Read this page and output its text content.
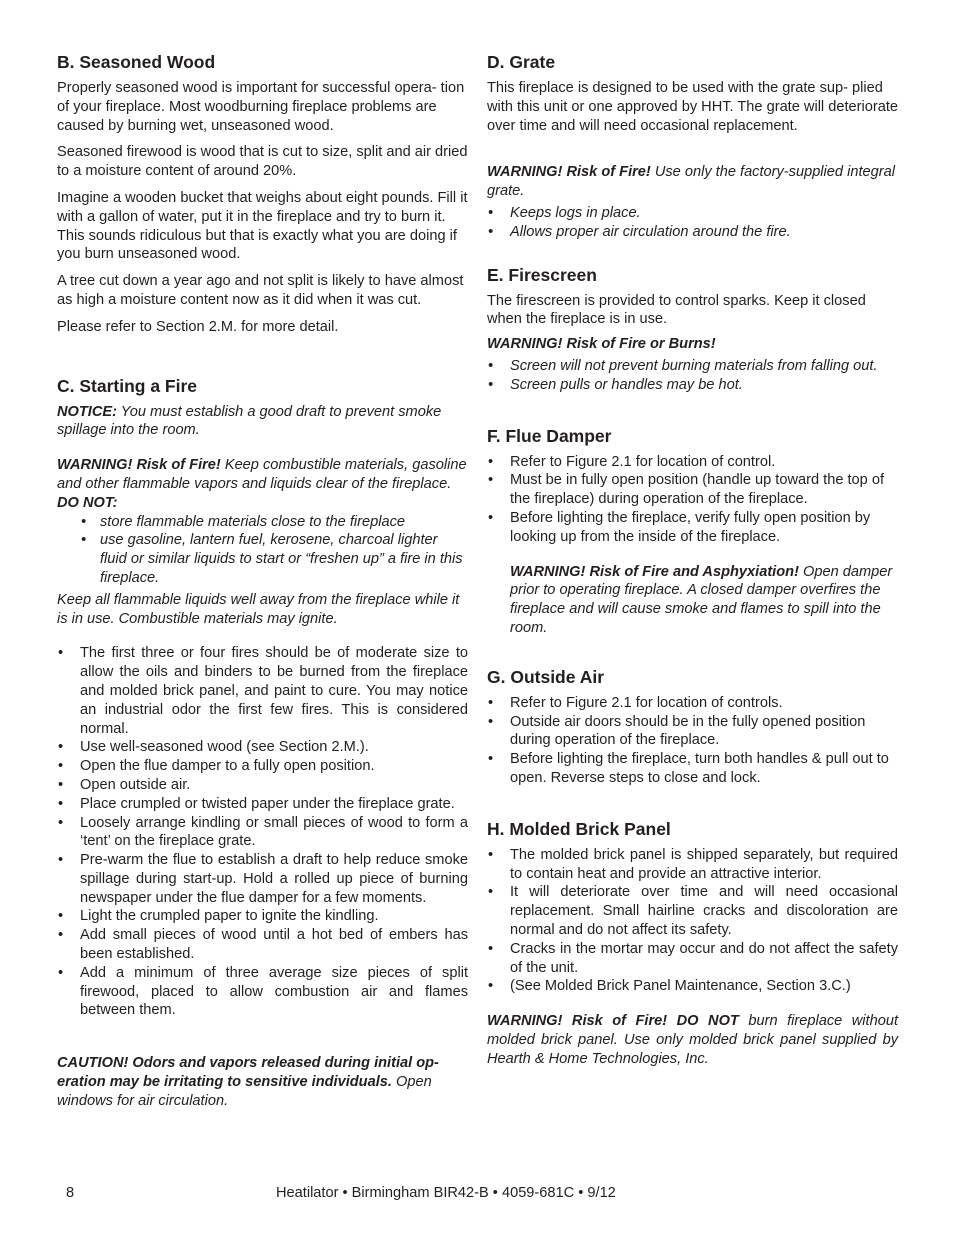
B. Seasoned Wood

Properly seasoned wood is important for successful opera- tion of your fireplace. Most woodburning fireplace problems are caused by burning wet, unseasoned wood.

Seasoned firewood is wood that is cut to size, split and air dried to a moisture content of around 20%.

Imagine a wooden bucket that weighs about eight pounds. Fill it with a gallon of water, put it in the fireplace and try to burn it. This sounds ridiculous but that is exactly what you are doing if you burn unseasoned wood.

A tree cut down a year ago and not split is likely to have almost as high a moisture content now as it did when it was cut.

Please refer to Section 2.M. for more detail.

C. Starting a Fire

NOTICE: You must establish a good draft to prevent smoke spillage into the room.

WARNING! Risk of Fire! Keep combustible materials, gasoline and other flammable vapors and liquids clear of the fireplace.

DO NOT:

• store flammable materials close to the fireplace
• use gasoline, lantern fuel, kerosene, charcoal lighter fluid or similar liquids to start or “freshen up” a fire in this fireplace.

Keep all flammable liquids well away from the fireplace while it is in use. Combustible materials may ignite.

• The first three or four fires should be of moderate size to allow the oils and binders to be burned from the fireplace and molded brick panel, and paint to cure. You may notice an industrial odor the first few fires. This is considered normal.
• Use well-seasoned wood (see Section 2.M.).
• Open the flue damper to a fully open position.
• Open outside air.
• Place crumpled or twisted paper under the fireplace grate.
• Loosely arrange kindling or small pieces of wood to form a ‘tent’ on the fireplace grate.
• Pre-warm the flue to establish a draft to help reduce smoke spillage during start-up. Hold a rolled up piece of burning newspaper under the flue damper for a few moments.
• Light the crumpled paper to ignite the kindling.
• Add small pieces of wood until a hot bed of embers has been established.
• Add a minimum of three average size pieces of split firewood, placed to allow combustion air and flames between them.

CAUTION! Odors and vapors released during initial op- eration may be irritating to sensitive individuals. Open windows for air circulation.

D. Grate

This fireplace is designed to be used with the grate sup- plied with this unit or one approved by HHT. The grate will deteriorate over time and will need occasional replacement.

WARNING! Risk of Fire! Use only the factory-supplied integral grate.

• Keeps logs in place.
• Allows proper air circulation around the fire.
E. Firescreen

The firescreen is provided to control sparks. Keep it closed when the fireplace is in use.

WARNING! Risk of Fire or Burns!

• Screen will not prevent burning materials from falling out.
• Screen pulls or handles may be hot.
F. Flue Damper
• Refer to Figure 2.1 for location of control.
• Must be in fully open position (handle up toward the top of the fireplace) during operation of the fireplace.
• Before lighting the fireplace, verify fully open position by looking up from the inside of the fireplace.

WARNING! Risk of Fire and Asphyxiation! Open damper prior to operating fireplace. A closed damper overfires the fireplace and will cause smoke and flames to spill into the room.

G. Outside Air
• Refer to Figure 2.1 for location of controls.
• Outside air doors should be in the fully opened position during operation of the fireplace.
• Before lighting the fireplace, turn both handles & pull out to open. Reverse steps to close and lock.
H. Molded Brick Panel
• The molded brick panel is shipped separately, but required to contain heat and provide an attractive interior.
• It will deteriorate over time and will need occasional replacement. Small hairline cracks and discoloration are normal and do not affect its safety.
• Cracks in the mortar may occur and do not affect the safety of the unit.
• (See Molded Brick Panel Maintenance, Section 3.C.)

WARNING! Risk of Fire! DO NOT burn fireplace without molded brick panel. Use only molded brick panel supplied by Hearth & Home Technologies, Inc.

8	Heatilator • Birmingham BIR42-B • 4059-681C • 9/12
